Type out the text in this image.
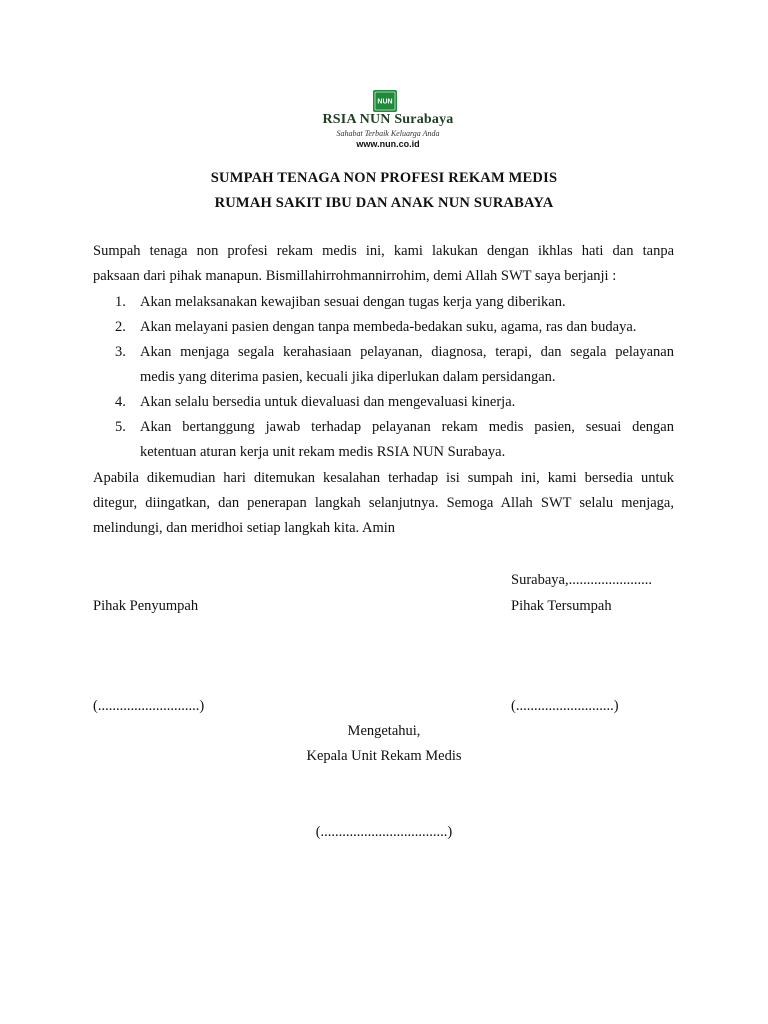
NUN
RSIA NUN Surabaya
Sahabat Terbaik Keluarga Anda
www.nun.co.id
SUMPAH TENAGA NON PROFESI REKAM MEDIS
RUMAH SAKIT IBU DAN ANAK NUN SURABAYA
Sumpah tenaga non profesi rekam medis ini, kami lakukan dengan ikhlas hati dan tanpa
paksaan dari pihak manapun. Bismillahirrohmannirrohim, demi Allah SWT saya berjanji :
1. Akan melaksanakan kewajiban sesuai dengan tugas kerja yang diberikan.
2. Akan melayani pasien dengan tanpa membeda-bedakan suku, agama, ras dan budaya.
3. Akan menjaga segala kerahasiaan pelayanan, diagnosa, terapi, dan segala pelayanan
medis yang diterima pasien, kecuali jika diperlukan dalam persidangan.
4. Akan selalu bersedia untuk dievaluasi dan mengevaluasi kinerja.
5. Akan bertanggung jawab terhadap pelayanan rekam medis pasien, sesuai dengan
ketentuan aturan kerja unit rekam medis RSIA NUN Surabaya.
Apabila dikemudian hari ditemukan kesalahan terhadap isi sumpah ini, kami bersedia untuk
ditegur, diingatkan, dan penerapan langkah selanjutnya. Semoga Allah SWT selalu menjaga,
melindungi, dan meridhoi setiap langkah kita. Amin
Surabaya,.......................
Pihak Penyumpah	Pihak Tersumpah
(............................)	(...........................)
Mengetahui,
Kepala Unit Rekam Medis
(...................................)
